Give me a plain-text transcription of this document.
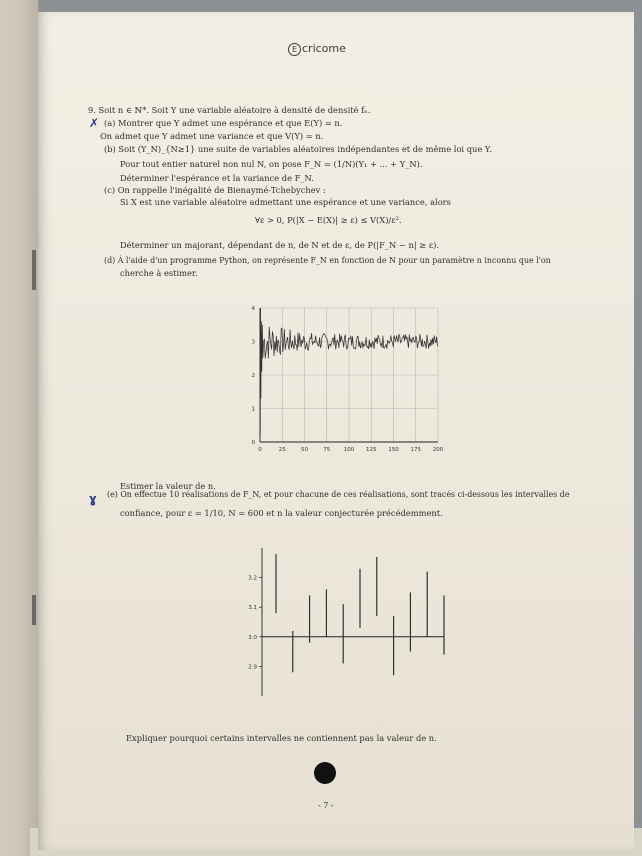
E cricome
9. Soit n ∈ ℕ*. Soit Y une variable aléatoire à densité de densité fₙ.
✗ (a) Montrer que Y admet une espérance et que E(Y) = n.
On admet que Y admet une variance et que V(Y) = n.
(b) Soit (Y_N)_{N≥1} une suite de variables aléatoires indépendantes et de même loi que Y.
Pour tout entier naturel non nul N, on pose F_N = (1/N)(Y₁ + ... + Y_N).
Déterminer l'espérance et la variance de F_N.
(c) On rappelle l'inégalité de Bienaymé-Tchebychev :
Si X est une variable aléatoire admettant une espérance et une variance, alors
∀ε > 0, P(|X − E(X)| ≥ ε) ≤ V(X)/ε².
Déterminer un majorant, dépendant de n, de N et de ε, de P(|F_N − n| ≥ ε).
(d) À l'aide d'un programme Python, on représente F_N en fonction de N pour un paramètre n inconnu que l'on
cherche à estimer.
0	25	50	75 100 125 150 175 200
0
1
2
3
4
Estimer la valeur de n.
ɣ (e) On effectue 10 réalisations de F_N, et pour chacune de ces réalisations, sont tracés ci-dessous les intervalles de
confiance, pour ε = 1/10, N = 600 et n la valeur conjecturée précédemment.
2.9
3.0
3.1
3.2
Expliquer pourquoi certains intervalles ne contiennent pas la valeur de n.
- 7 -
